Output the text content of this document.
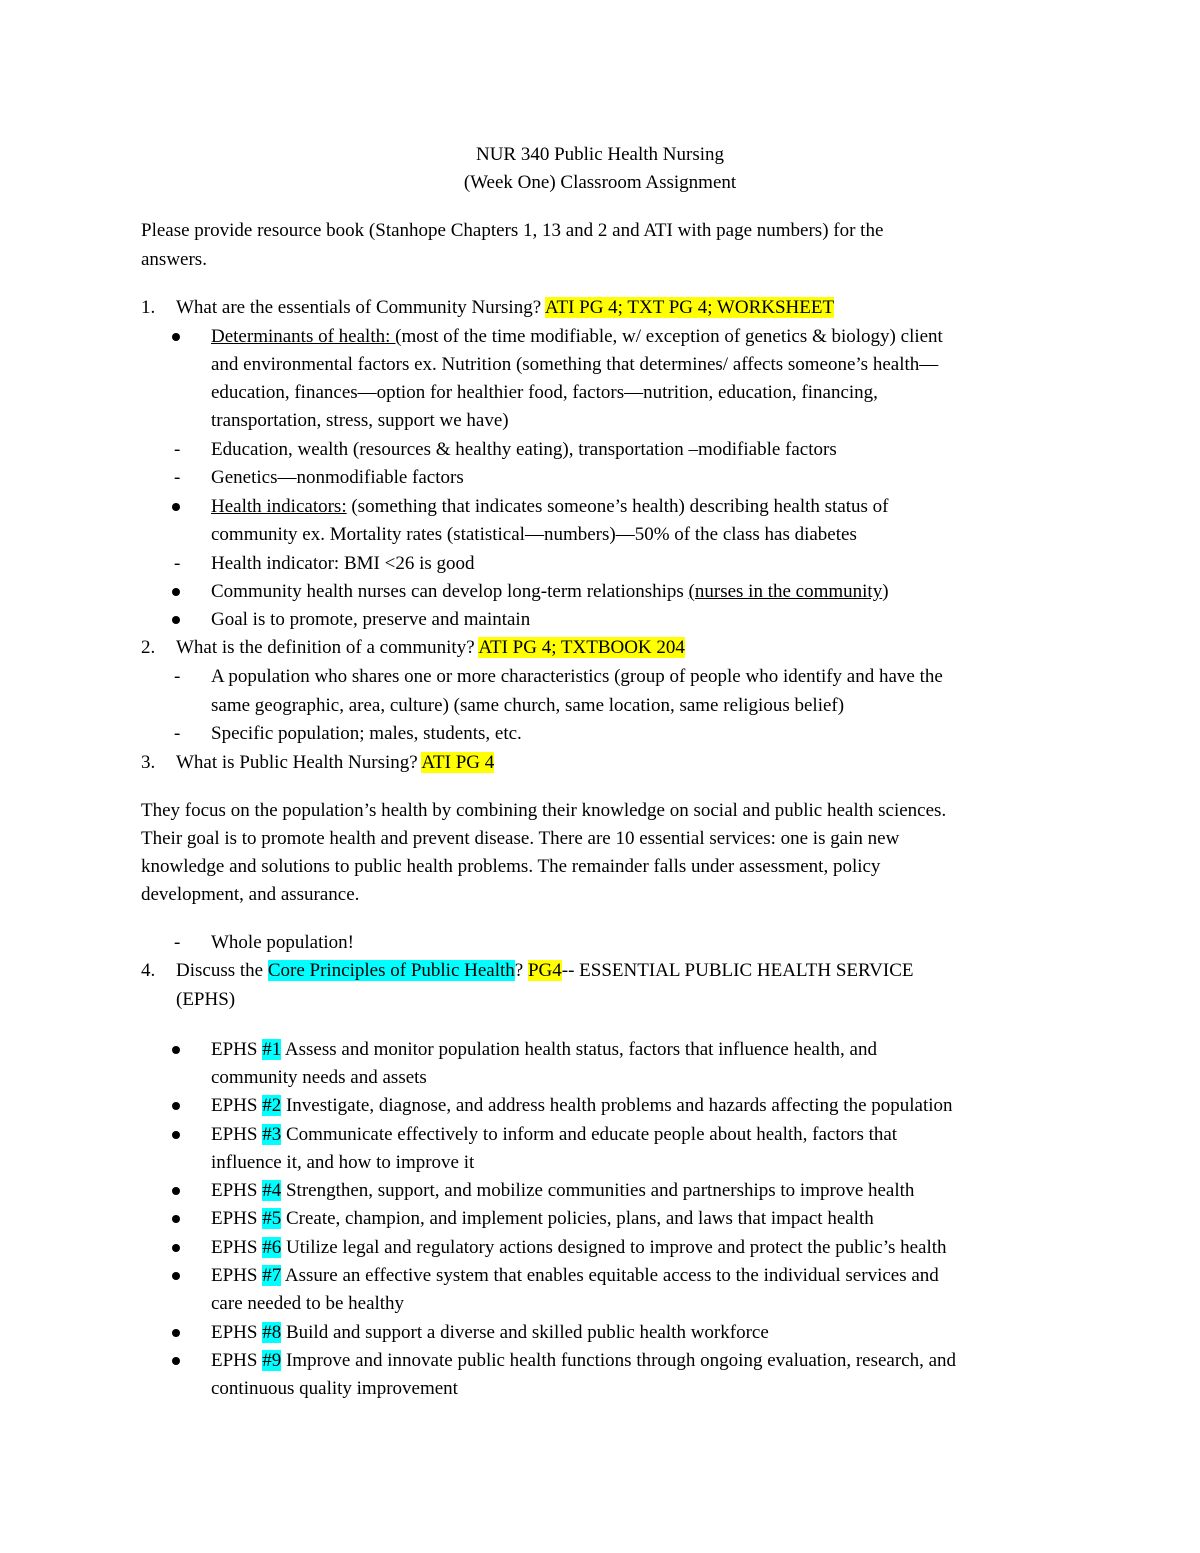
NUR 340 Public Health Nursing
(Week One) Classroom Assignment
Please provide resource book (Stanhope Chapters 1, 13 and 2 and ATI with page numbers) for the
answers.
1. What are the essentials of Community Nursing? ATI PG 4; TXT PG 4; WORKSHEET
Determinants of health: (most of the time modifiable, w/ exception of genetics & biology) client
and environmental factors ex. Nutrition (something that determines/ affects someone’s health—
education, finances—option for healthier food, factors—nutrition, education, financing,
transportation, stress, support we have)
- Education, wealth (resources & healthy eating), transportation –modifiable factors
- Genetics—nonmodifiable factors
Health indicators: (something that indicates someone’s health) describing health status of
community ex. Mortality rates (statistical—numbers)—50% of the class has diabetes
- Health indicator: BMI <26 is good
Community health nurses can develop long-term relationships (nurses in the community)
Goal is to promote, preserve and maintain
2. What is the definition of a community? ATI PG 4; TXTBOOK 204
- A population who shares one or more characteristics (group of people who identify and have the
same geographic, area, culture) (same church, same location, same religious belief)
- Specific population; males, students, etc.
3. What is Public Health Nursing? ATI PG 4
They focus on the population’s health by combining their knowledge on social and public health sciences.
Their goal is to promote health and prevent disease. There are 10 essential services: one is gain new
knowledge and solutions to public health problems. The remainder falls under assessment, policy
development, and assurance.
- Whole population!
4. Discuss the Core Principles of Public Health? PG4-- ESSENTIAL PUBLIC HEALTH SERVICE
(EPHS)
EPHS #1 Assess and monitor population health status, factors that influence health, and
community needs and assets
EPHS #2 Investigate, diagnose, and address health problems and hazards affecting the population
EPHS #3 Communicate effectively to inform and educate people about health, factors that
influence it, and how to improve it
EPHS #4 Strengthen, support, and mobilize communities and partnerships to improve health
EPHS #5 Create, champion, and implement policies, plans, and laws that impact health
EPHS #6 Utilize legal and regulatory actions designed to improve and protect the public’s health
EPHS #7 Assure an effective system that enables equitable access to the individual services and
care needed to be healthy
EPHS #8 Build and support a diverse and skilled public health workforce
EPHS #9 Improve and innovate public health functions through ongoing evaluation, research, and
continuous quality improvement
